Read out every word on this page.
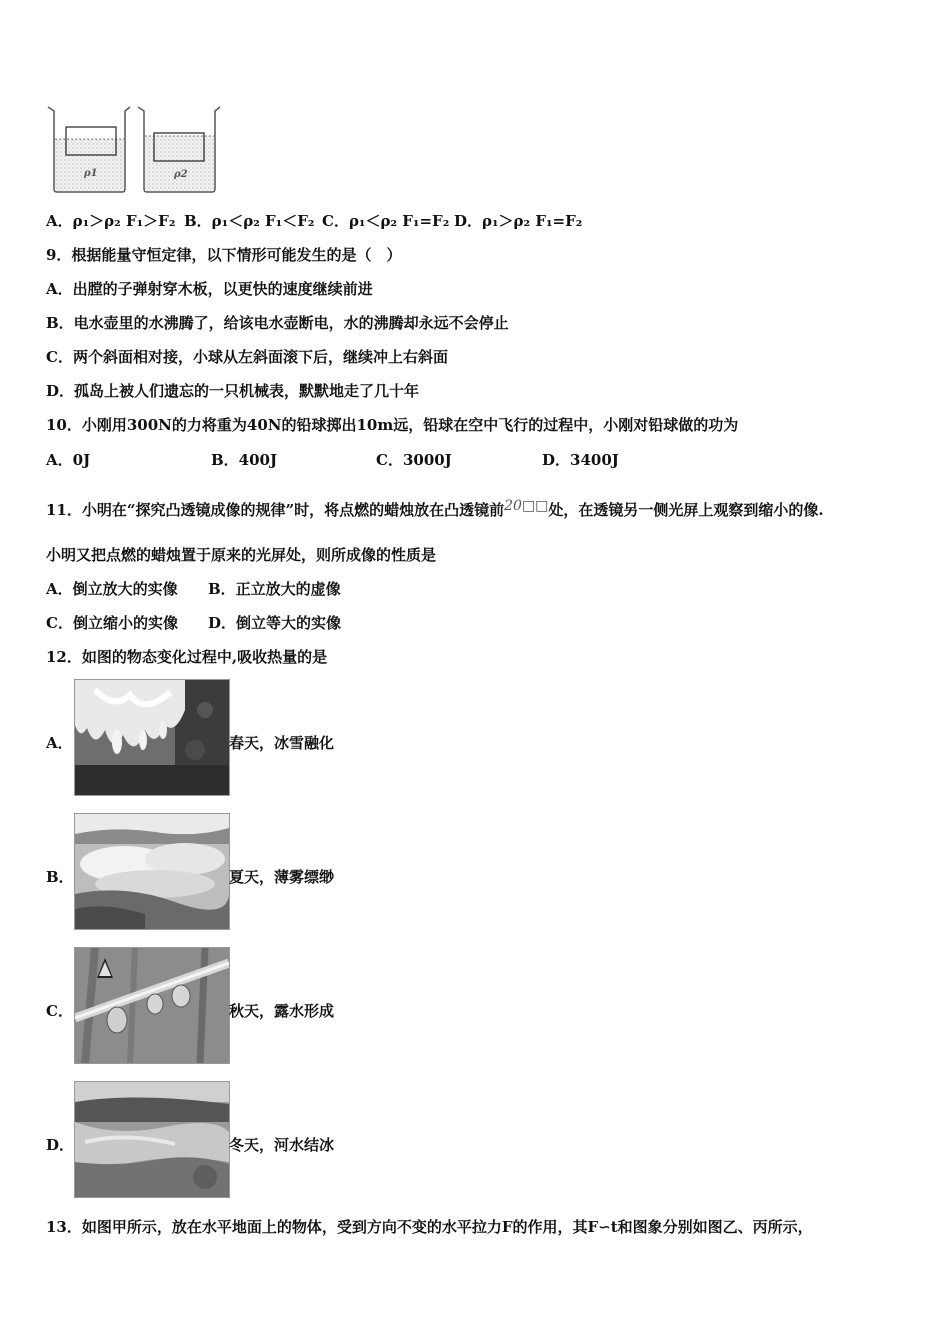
ρ1	ρ2
A．ρ₁＞ρ₂ F₁＞F₂ B．ρ₁＜ρ₂ F₁＜F₂ C．ρ₁＜ρ₂ F₁=F₂ D．ρ₁＞ρ₂ F₁=F₂
9．根据能量守恒定律，以下情形可能发生的是（　）
A．出膛的子弹射穿木板，以更快的速度继续前进
B．电水壶里的水沸腾了，给该电水壶断电，水的沸腾却永远不会停止
C．两个斜面相对接，小球从左斜面滚下后，继续冲上右斜面
D．孤岛上被人们遗忘的一只机械表，默默地走了几十年
10．小刚用300N的力将重为40N的铅球掷出10m远，铅球在空中飞行的过程中，小刚对铅球做的功为
A．0J	B．400J	C．3000J	D．3400J
11．小明在“探究凸透镜成像的规律”时，将点燃的蜡烛放在凸透镜前20□□处，在透镜另一侧光屏上观察到缩小的像.
小明又把点燃的蜡烛置于原来的光屏处，则所成像的性质是
A．倒立放大的实像 B．正立放大的虚像
C．倒立缩小的实像 D．倒立等大的实像
12．如图的物态变化过程中,吸收热量的是
A．	春天，冰雪融化
B．	夏天，薄雾缥缈
C．	秋天，露水形成
D．	冬天，河水结冰
13．如图甲所示，放在水平地面上的物体，受到方向不变的水平拉力F的作用，其F∽t和图象分别如图乙、丙所示，
